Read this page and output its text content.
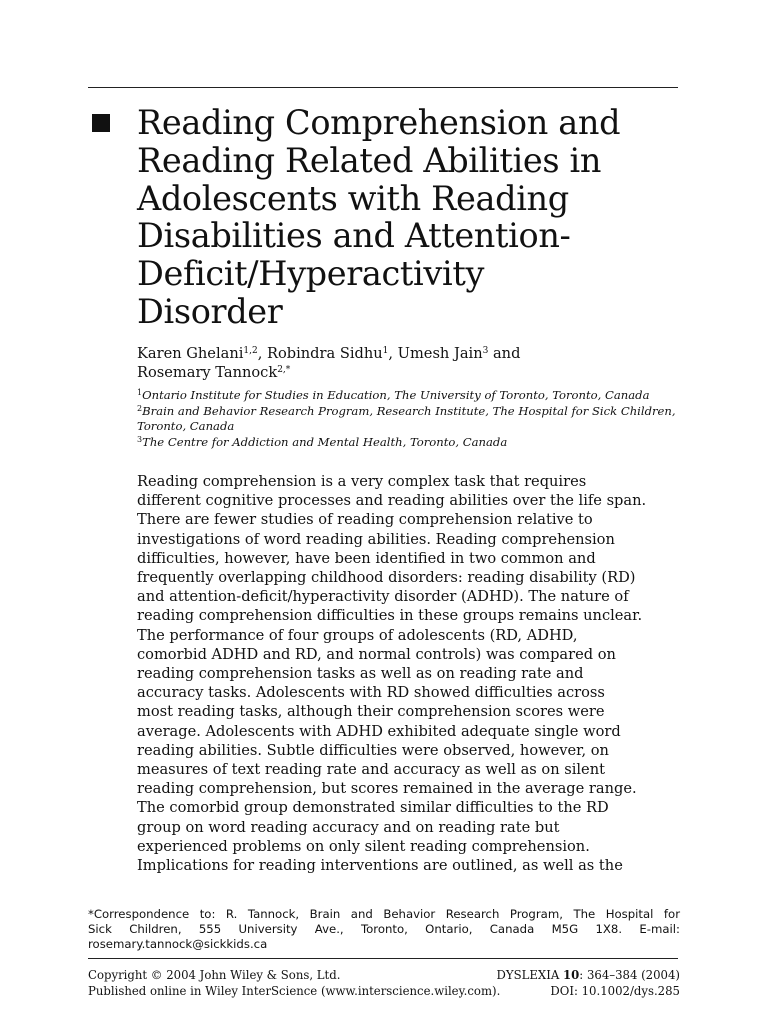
Reading Comprehension and
Reading Related Abilities in
Adolescents with Reading
Disabilities and Attention-
Deficit/Hyperactivity
Disorder
Karen Ghelani$^{1,2}$, Robindra Sidhu$^1$, Umesh Jain$^3$ and
Rosemary Tannock$^{2,*}$
$^1$Ontario Institute for Studies in Education, The University of Toronto, Toronto, Canada
$^2$Brain and Behavior Research Program, Research Institute, The Hospital for Sick Children,
Toronto, Canada
$^3$The Centre for Addiction and Mental Health, Toronto, Canada
Reading comprehension is a very complex task that requires
different cognitive processes and reading abilities over the life span.
There are fewer studies of reading comprehension relative to
investigations of word reading abilities. Reading comprehension
difficulties, however, have been identified in two common and
frequently overlapping childhood disorders: reading disability (RD)
and attention-deficit/hyperactivity disorder (ADHD). The nature of
reading comprehension difficulties in these groups remains unclear.
The performance of four groups of adolescents (RD, ADHD,
comorbid ADHD and RD, and normal controls) was compared on
reading comprehension tasks as well as on reading rate and
accuracy tasks. Adolescents with RD showed difficulties across
most reading tasks, although their comprehension scores were
average. Adolescents with ADHD exhibited adequate single word
reading abilities. Subtle difficulties were observed, however, on
measures of text reading rate and accuracy as well as on silent
reading comprehension, but scores remained in the average range.
The comorbid group demonstrated similar difficulties to the RD
group on word reading accuracy and on reading rate but
experienced problems on only silent reading comprehension.
Implications for reading interventions are outlined, as well as the
*Correspondence to: R. Tannock, Brain and Behavior Research Program, The Hospital for
Sick Children, 555 University Ave., Toronto, Ontario, Canada M5G 1X8. E-mail:
rosemary.tannock@sickkids.ca
Copyright © 2004 John Wiley & Sons, Ltd.	DYSLEXIA 10: 364–384 (2004)
Published online in Wiley InterScience (www.interscience.wiley.com).	DOI: 10.1002/dys.285
